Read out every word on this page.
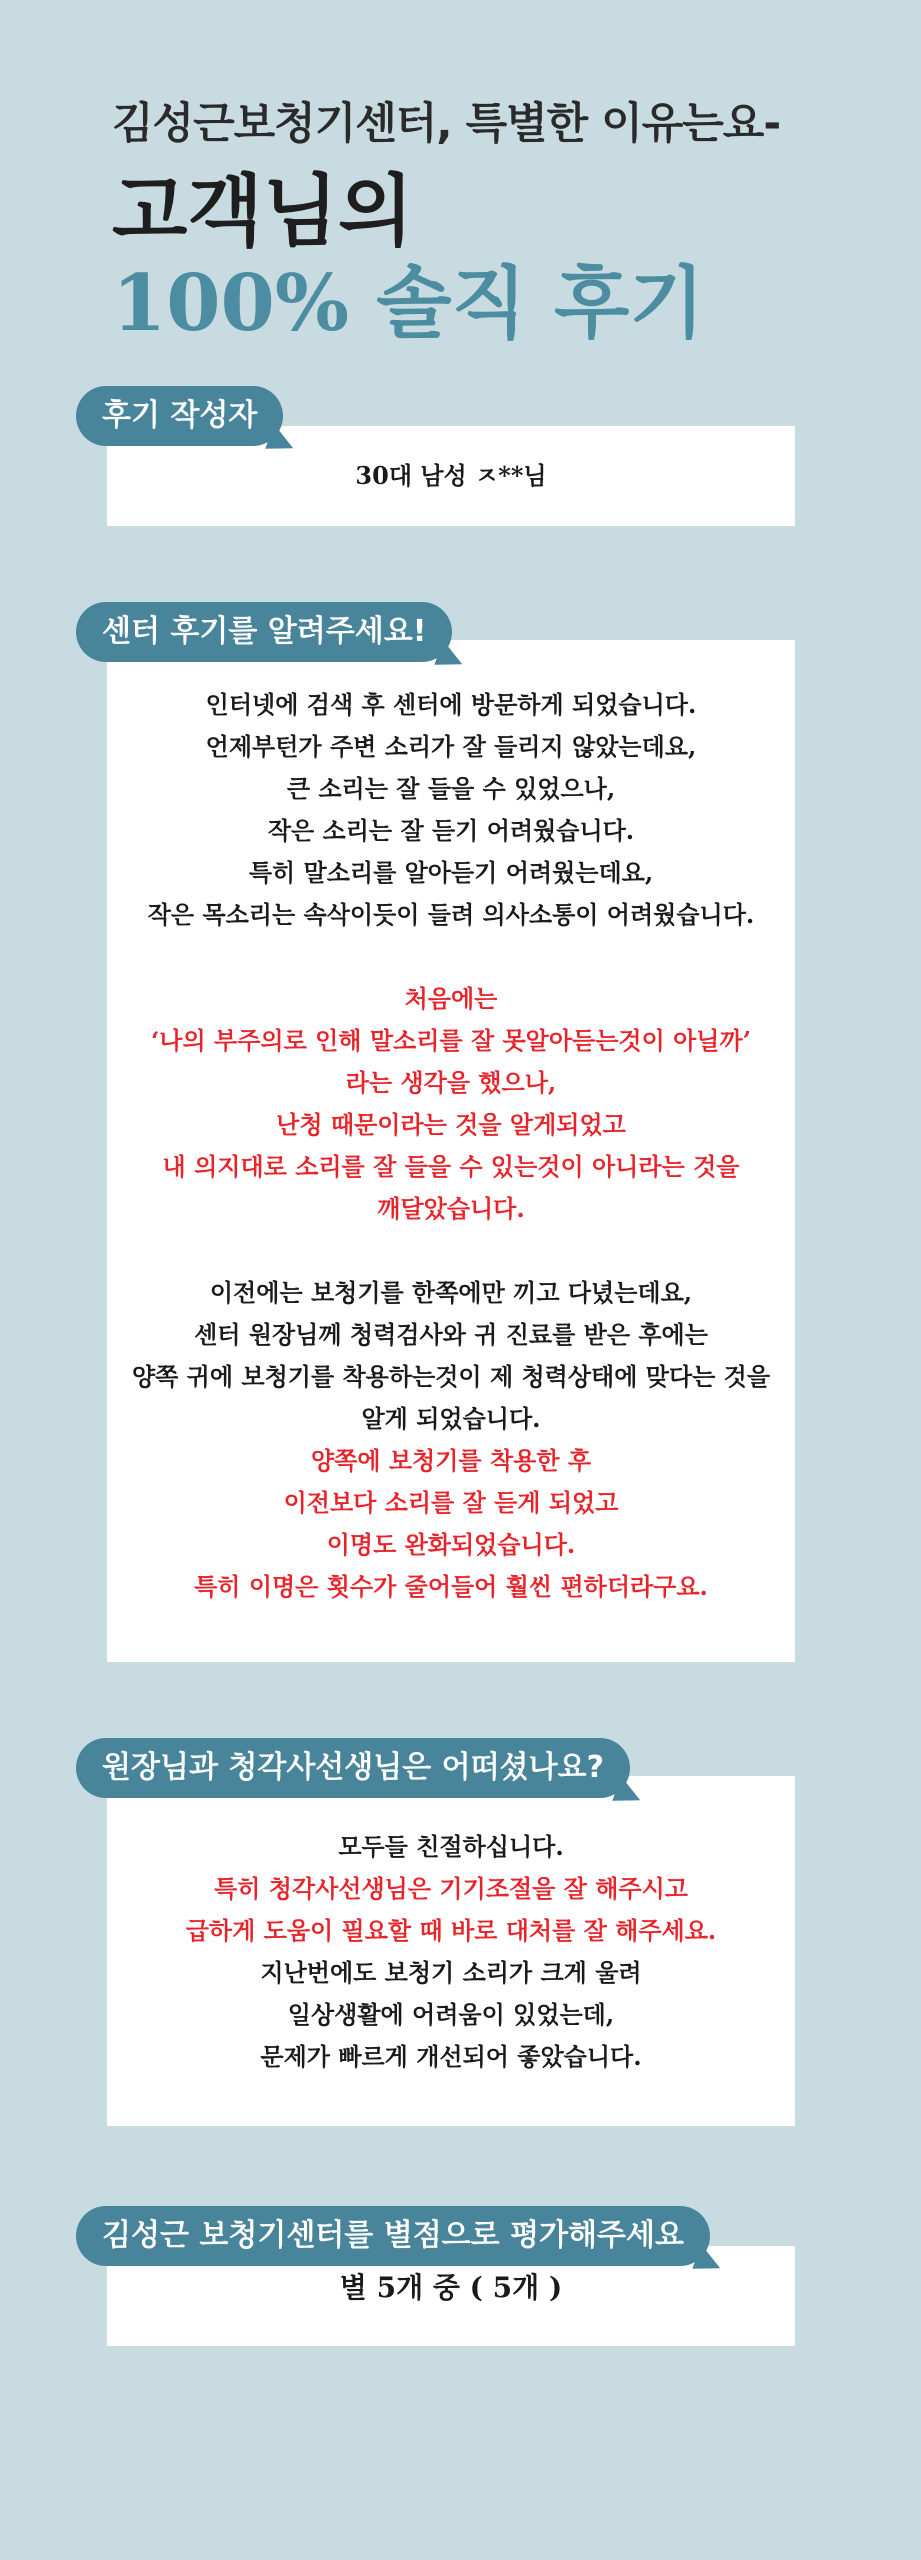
김성근보청기센터, 특별한 이유는요-
고객님의
100% 솔직 후기
후기 작성자
30대 남성 ㅈ**님
센터 후기를 알려주세요!
인터넷에 검색 후 센터에 방문하게 되었습니다.
언제부턴가 주변 소리가 잘 들리지 않았는데요,
큰 소리는 잘 들을 수 있었으나,
작은 소리는 잘 듣기 어려웠습니다.
특히 말소리를 알아듣기 어려웠는데요,
작은 목소리는 속삭이듯이 들려 의사소통이 어려웠습니다.
처음에는
‘나의 부주의로 인해 말소리를 잘 못알아듣는것이 아닐까’
라는 생각을 했으나,
난청 때문이라는 것을 알게되었고
내 의지대로 소리를 잘 들을 수 있는것이 아니라는 것을
깨달았습니다.
이전에는 보청기를 한쪽에만 끼고 다녔는데요,
센터 원장님께 청력검사와 귀 진료를 받은 후에는
양쪽 귀에 보청기를 착용하는것이 제 청력상태에 맞다는 것을
알게 되었습니다.
양쪽에 보청기를 착용한 후
이전보다 소리를 잘 듣게 되었고
이명도 완화되었습니다.
특히 이명은 횟수가 줄어들어 훨씬 편하더라구요.
원장님과 청각사선생님은 어떠셨나요?
모두들 친절하십니다.
특히 청각사선생님은 기기조절을 잘 해주시고
급하게 도움이 필요할 때 바로 대처를 잘 해주세요.
지난번에도 보청기 소리가 크게 울려
일상생활에 어려움이 있었는데,
문제가 빠르게 개선되어 좋았습니다.
김성근 보청기센터를 별점으로 평가해주세요
별 5개 중 ( 5개 )
